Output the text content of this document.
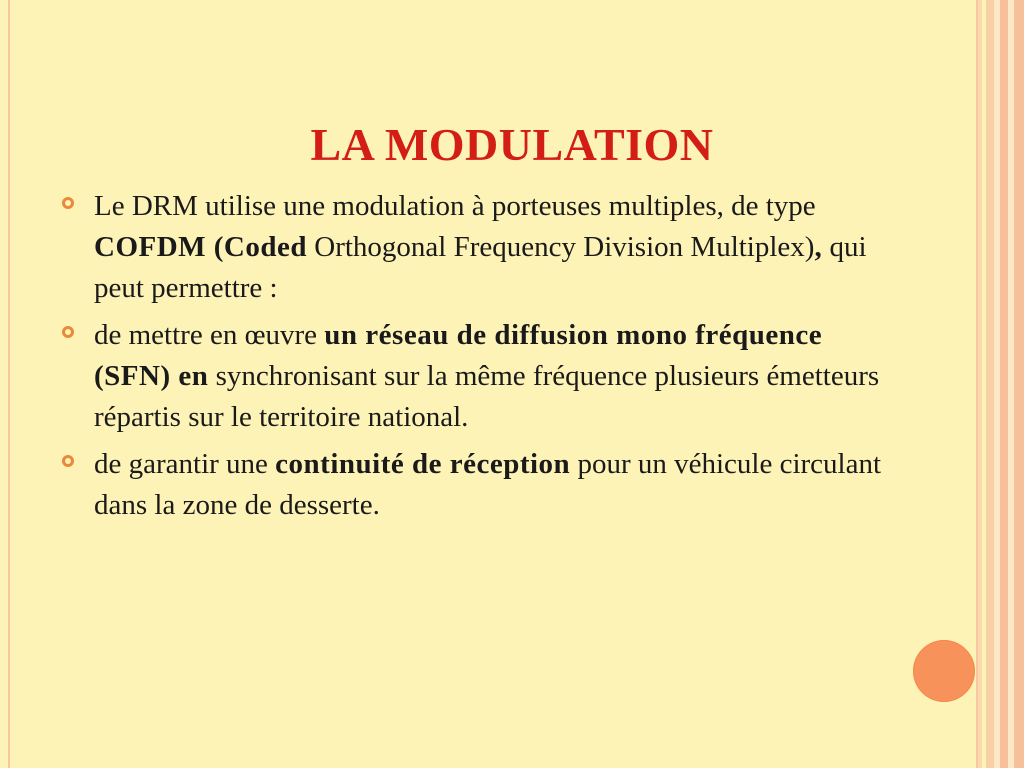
LA MODULATION
Le DRM utilise une modulation à porteuses multiples, de type COFDM (Coded Orthogonal Frequency Division Multiplex), qui peut permettre :
de mettre en œuvre un réseau de diffusion mono fréquence (SFN) en synchronisant sur la même fréquence plusieurs émetteurs répartis sur le territoire national.
de garantir une continuité de réception pour un véhicule circulant dans la zone de desserte.
